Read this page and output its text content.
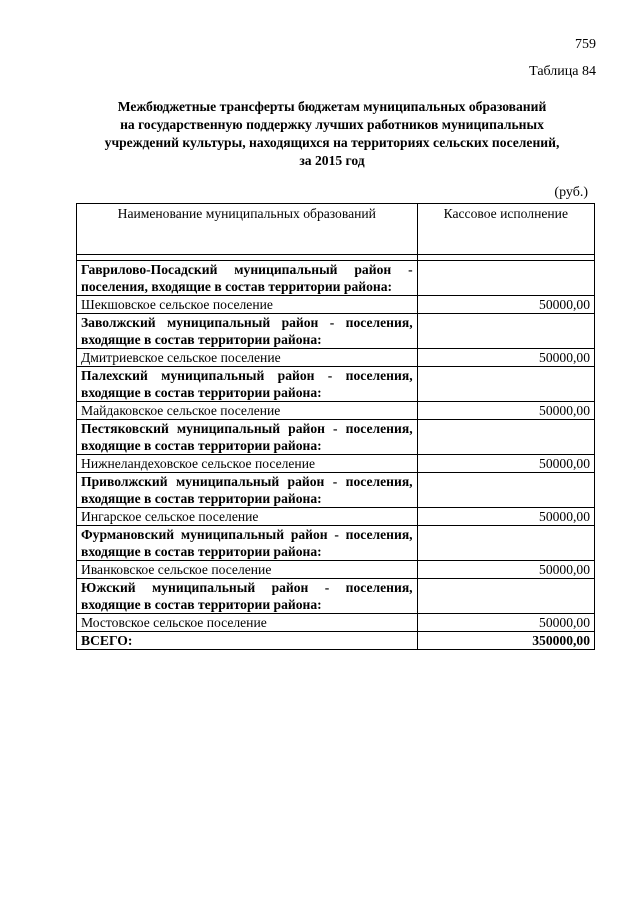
759
Таблица 84
Межбюджетные трансферты бюджетам муниципальных образований
на государственную поддержку лучших работников муниципальных
учреждений культуры, находящихся на территориях сельских поселений,
за 2015 год
(руб.)
Наименование муниципальных образований	Кассовое исполнение

Гаврилово-Посадский муниципальный район - поселения, входящие в состав территории района:	
Шекшовское сельское поселение	50000,00
Заволжский муниципальный район - поселения, входящие в состав территории района:	
Дмитриевское сельское поселение	50000,00
Палехский муниципальный район - поселения, входящие в состав территории района:	
Майдаковское сельское поселение	50000,00
Пестяковский муниципальный район - поселения, входящие в состав территории района:	
Нижнеландеховское сельское поселение	50000,00
Приволжский муниципальный район - поселения, входящие в состав территории района:	
Ингарское сельское поселение	50000,00
Фурмановский муниципальный район - поселения, входящие в состав территории района:	
Иванковское сельское поселение	50000,00
Южский муниципальный район - поселения, входящие в состав территории района:	
Мостовское сельское поселение	50000,00
ВСЕГО:	350000,00
